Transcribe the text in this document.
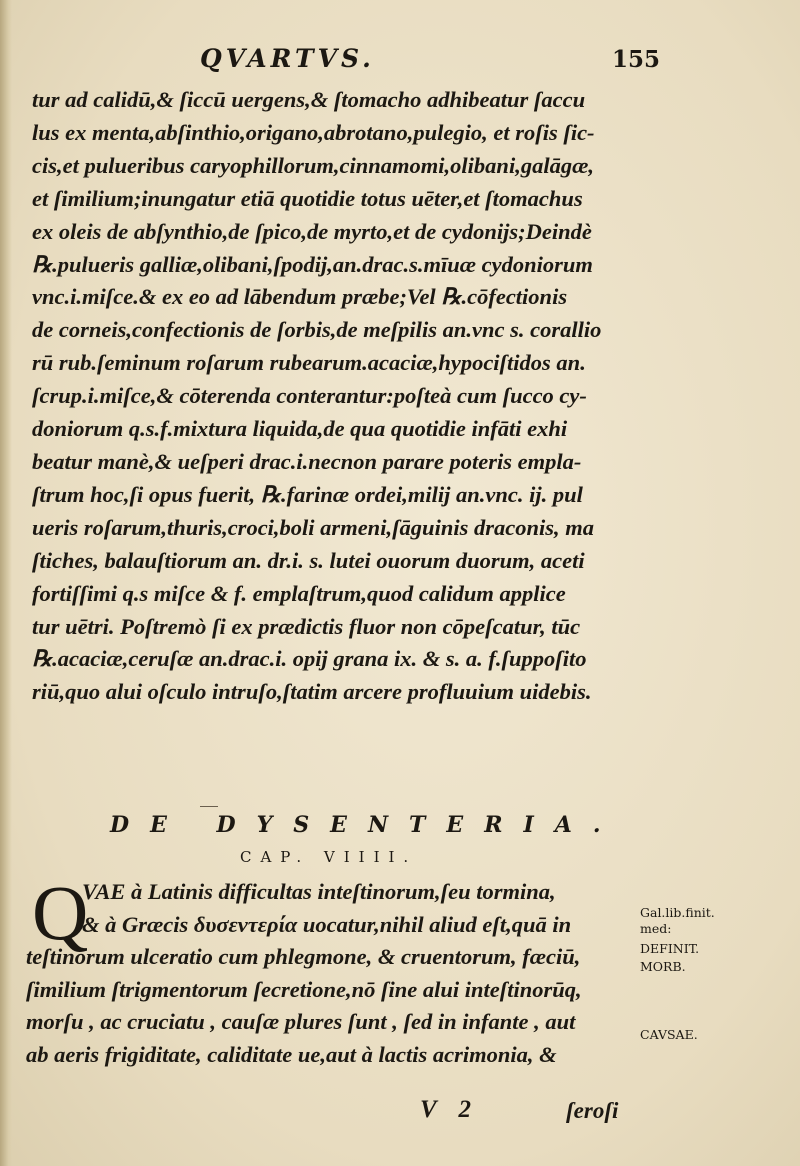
QVARTVS.	155
tur ad calidū,& ſiccū uergens,& ſtomacho adhibeatur ſaccu
lus ex menta,abſinthio,origano,abrotano,pulegio, et roſis ſic-
cis,et pulueribus caryophillorum,cinnamomi,olibani,galāgæ,
et ſimilium;inungatur etiā quotidie totus uēter,et ſtomachus
ex oleis de abſynthio,de ſpico,de myrto,et de cydonijs;Deindè
℞.pulueris galliæ,olibani,ſpodij,an.drac.s.mīuæ cydoniorum
vnc.i.miſce.& ex eo ad lābendum præbe;Vel ℞.cōfectionis
de corneis,confectionis de ſorbis,de meſpilis an.vnc s. corallio
rū rub.ſeminum roſarum rubearum.acaciæ,hypociſtidos an.
ſcrup.i.miſce,& cōterenda conterantur:poſteà cum ſucco cy-
doniorum q.s.f.mixtura liquida,de qua quotidie infāti exhi
beatur manè,& ueſperi drac.i.necnon parare poteris empla-
ſtrum hoc,ſi opus fuerit, ℞.farinæ ordei,milij an.vnc. ij. pul
ueris roſarum,thuris,croci,boli armeni,ſāguinis draconis, ma
ſtiches, balauſtiorum an. dr.i. s. lutei ouorum duorum, aceti
fortiſſimi q.s miſce & f. emplaſtrum,quod calidum applice
tur uētri. Poſtremò ſi ex prædictis fluor non cōpeſcatur, tūc
℞.acaciæ,ceruſæ an.drac.i. opij grana ix. & s. a. f.ſuppoſito
riū,quo alui oſculo intruſo,ſtatim arcere profluuium uidebis.
DE DYSENTERIA.
CAP. VIIII.
Q
VAE à Latinis difficultas inteſtinorum,ſeu tormina,
& à Græcis δυσεντερία uocatur,nihil aliud eſt,quā in
teſtinorum ulceratio cum phlegmone, & cruentorum, fæciū,
ſimilium ſtrigmentorum ſecretione,nō ſine alui inteſtinorūq,
morſu , ac cruciatu , cauſæ plures ſunt , ſed in infante , aut
ab aeris frigiditate, caliditate ue,aut à lactis acrimonia, &
Gal.lib.finit.
med:
DEFINIT.
MORB.
CAVSAE.
V 2	ſeroſi
